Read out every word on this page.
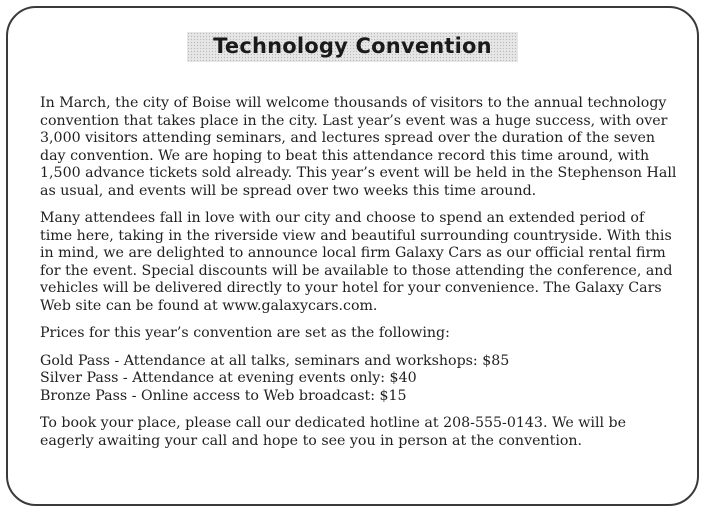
Technology Convention

In March, the city of Boise will welcome thousands of visitors to the annual technology convention that takes place in the city. Last year’s event was a huge success, with over 3,000 visitors attending seminars, and lectures spread over the duration of the seven day convention. We are hoping to beat this attendance record this time around, with 1,500 advance tickets sold already. This year’s event will be held in the Stephenson Hall as usual, and events will be spread over two weeks this time around.

Many attendees fall in love with our city and choose to spend an extended period of time here, taking in the riverside view and beautiful surrounding countryside. With this in mind, we are delighted to announce local firm Galaxy Cars as our official rental firm for the event. Special discounts will be available to those attending the conference, and vehicles will be delivered directly to your hotel for your convenience. The Galaxy Cars Web site can be found at www.galaxycars.com.

Prices for this year’s convention are set as the following:

Gold Pass - Attendance at all talks, seminars and workshops: $85
Silver Pass - Attendance at evening events only: $40
Bronze Pass - Online access to Web broadcast: $15

To book your place, please call our dedicated hotline at 208-555-0143. We will be eagerly awaiting your call and hope to see you in person at the convention.
